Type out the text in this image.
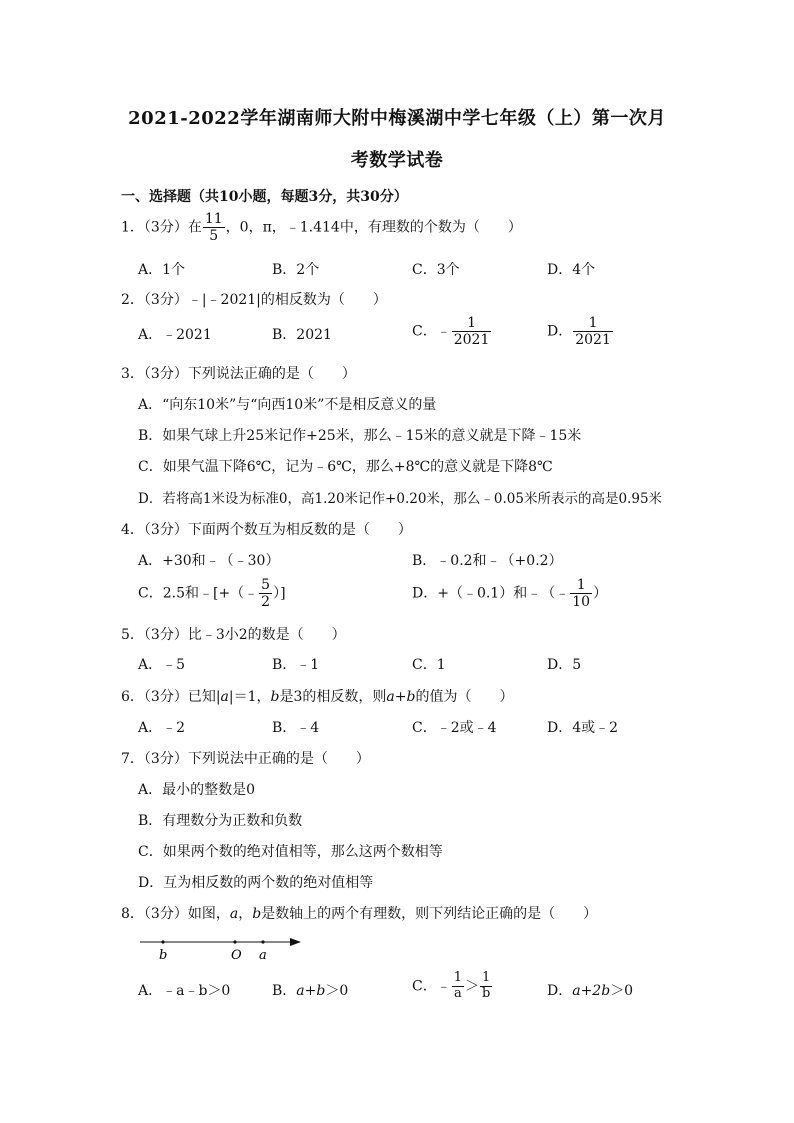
2021-2022学年湖南师大附中梅溪湖中学七年级（上）第一次月
考数学试卷
一、选择题（共10小题，每题3分，共30分）
1．（3分）在 $\frac{11}{5}$ ，0，π，﹣1.414中，有理数的个数为（　　）
A．1个	B．2个	C．3个	D．4个
2．（3分）﹣|﹣2021|的相反数为（　　）
A．﹣2021	B．2021	C．﹣ $\frac{1}{2021}$	D． $\frac{1}{2021}$
3．（3分）下列说法正确的是（　　）
A．“向东10米”与“向西10米”不是相反意义的量
B．如果气球上升25米记作+25米，那么﹣15米的意义就是下降﹣15米
C．如果气温下降6℃，记为﹣6℃，那么+8℃的意义就是下降8℃
D．若将高1米设为标准0，高1.20米记作+0.20米，那么﹣0.05米所表示的高是0.95米
4．（3分）下面两个数互为相反数的是（　　）
A．+30和﹣（﹣30）	B．﹣0.2和﹣（+0.2）
C．2.5和﹣[+（﹣ $\frac{5}{2}$ ）]	D．+（﹣0.1）和﹣（﹣ $\frac{1}{10}$ ）
5．（3分）比﹣3小2的数是（　　）
A．﹣5	B．﹣1	C．1	D．5
6．（3分）已知|a|＝1，b是3的相反数，则a+b的值为（　　）
A．﹣2	B．﹣4	C．﹣2或﹣4	D．4或﹣2
7．（3分）下列说法中正确的是（　　）
A．最小的整数是0
B．有理数分为正数和负数
C．如果两个数的绝对值相等，那么这两个数相等
D．互为相反数的两个数的绝对值相等
8．（3分）如图，a，b是数轴上的两个有理数，则下列结论正确的是（　　）
b	O a
A．﹣a﹣b＞0	B．a+b＞0	C．﹣ $\frac{1}{a} > \frac{1}{b}$	D．a+2b＞0
